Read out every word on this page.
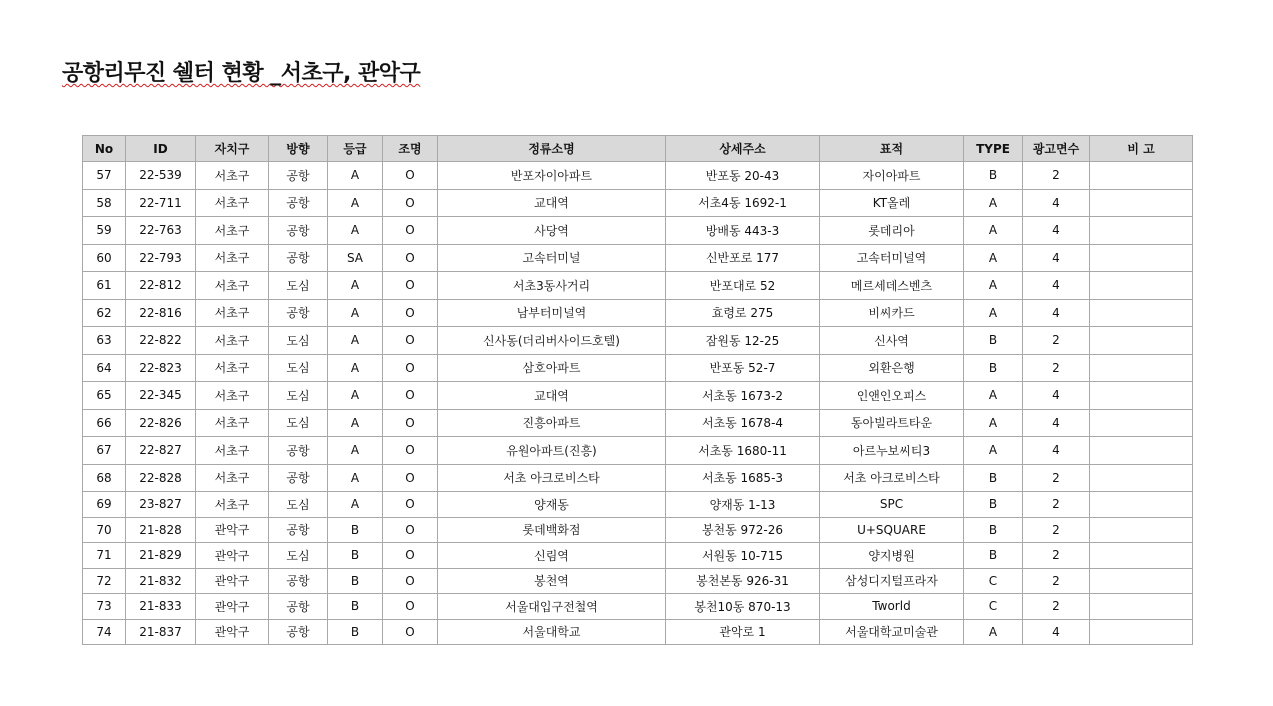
공항리무진 쉘터 현황 _서초구, 관악구
No	ID	자치구	방향	등급	조명	정류소명	상세주소	표적	TYPE	광고면수	비 고
57	22-539	서초구	공항	A	O	반포자이아파트	반포동 20-43	자이아파트	B	2	
58	22-711	서초구	공항	A	O	교대역	서초4동 1692-1	KT올레	A	4	
59	22-763	서초구	공항	A	O	사당역	방배동 443-3	롯데리아	A	4	
60	22-793	서초구	공항	SA	O	고속터미널	신반포로 177	고속터미널역	A	4	
61	22-812	서초구	도심	A	O	서초3동사거리	반포대로 52	메르세데스벤츠	A	4	
62	22-816	서초구	공항	A	O	남부터미널역	효령로 275	비씨카드	A	4	
63	22-822	서초구	도심	A	O	신사동(더리버사이드호텔)	잠원동 12-25	신사역	B	2	
64	22-823	서초구	도심	A	O	삼호아파트	반포동 52-7	외환은행	B	2	
65	22-345	서초구	도심	A	O	교대역	서초동 1673-2	인앤인오피스	A	4	
66	22-826	서초구	도심	A	O	진흥아파트	서초동 1678-4	동아빌라트타운	A	4	
67	22-827	서초구	공항	A	O	유원아파트(진흥)	서초동 1680-11	아르누보씨티3	A	4	
68	22-828	서초구	공항	A	O	서초 아크로비스타	서초동 1685-3	서초 아크로비스타	B	2	
69	23-827	서초구	도심	A	O	양재동	양재동 1-13	SPC	B	2	
70	21-828	관악구	공항	B	O	롯데백화점	봉천동 972-26	U+SQUARE	B	2	
71	21-829	관악구	도심	B	O	신림역	서원동 10-715	양지병원	B	2	
72	21-832	관악구	공항	B	O	봉천역	봉천본동 926-31	삼성디지털프라자	C	2	
73	21-833	관악구	공항	B	O	서울대입구전철역	봉천10동 870-13	Tworld	C	2	
74	21-837	관악구	공항	B	O	서울대학교	관악로 1	서울대학교미술관	A	4	
